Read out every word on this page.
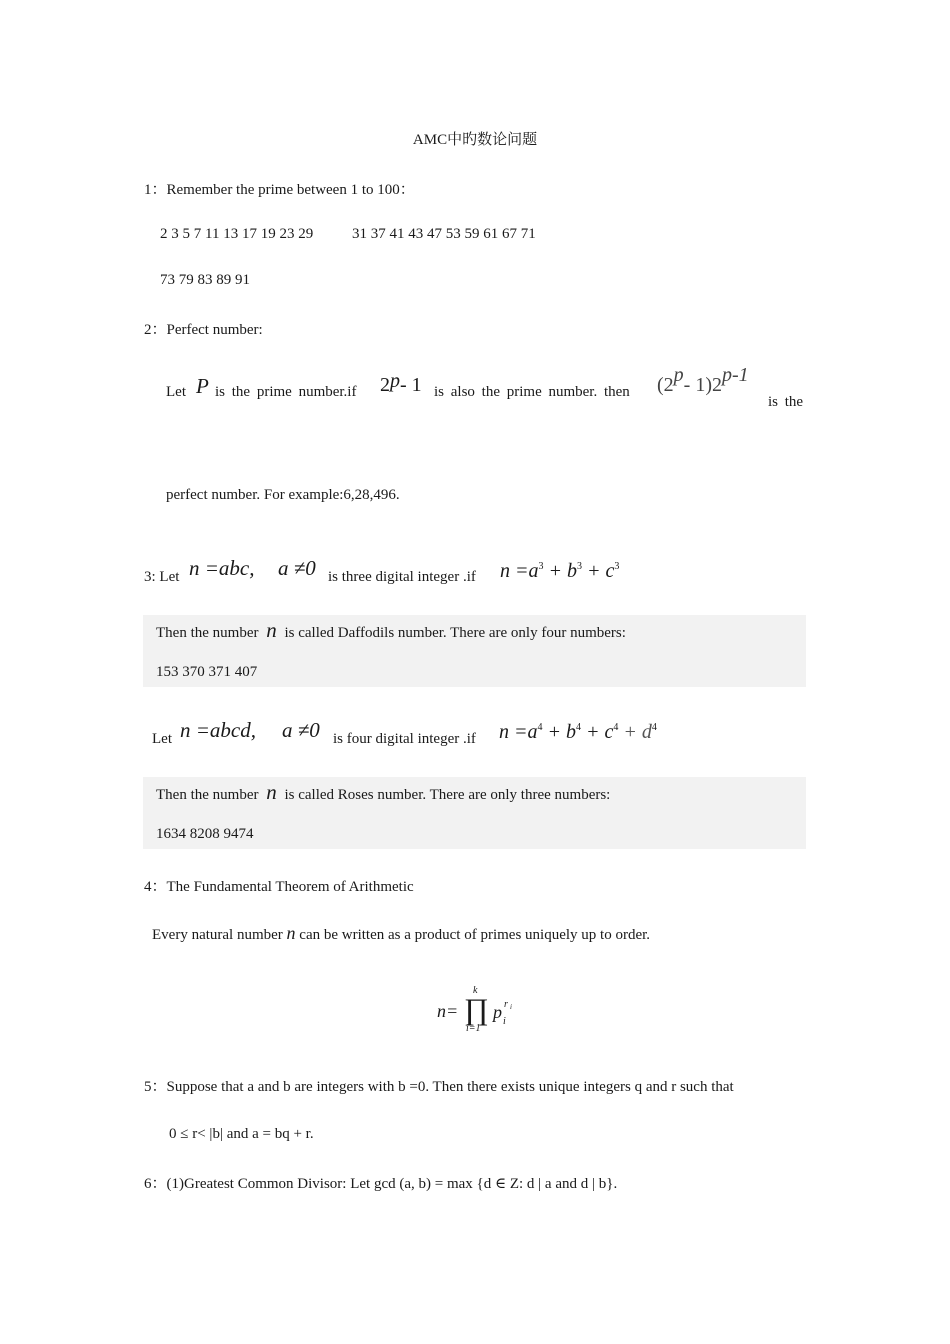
AMC中旳数论问题
1：Remember the prime between 1 to 100：
2 3 5 7 11 13 17 19 23 29	31 37 41 43 47 53 59 61 67 71
73 79 83 89 91
2：Perfect number:
Let P is the prime number.if 2p- 1 is also the prime number. then (2p- 1)2p-1
is the
perfect number. For example:6,28,496.
3: Let n =abc, a ≠0 is three digital integer .if $n =a^3 + b^3 + c^3$
Then the number n is called Daffodils number. There are only four numbers:
153 370 371 407
Let n =abcd, a ≠0 is four digital integer .if $n =a^4 + b^4 + c^4 + d^4$
Then the number n is called Roses number. There are only three numbers:
1634 8208 9474
4：The Fundamental Theorem of Arithmetic
Every natural number n can be written as a product of primes uniquely up to order.
n=
k
∏
i=1
p i
r i
5：Suppose that a and b are integers with b =0. Then there exists unique integers q and r such that
0 ≤ r< |b| and a = bq + r.
6：(1)Greatest Common Divisor: Let gcd (a, b) = max {d ∈ Z: d | a and d | b}.
